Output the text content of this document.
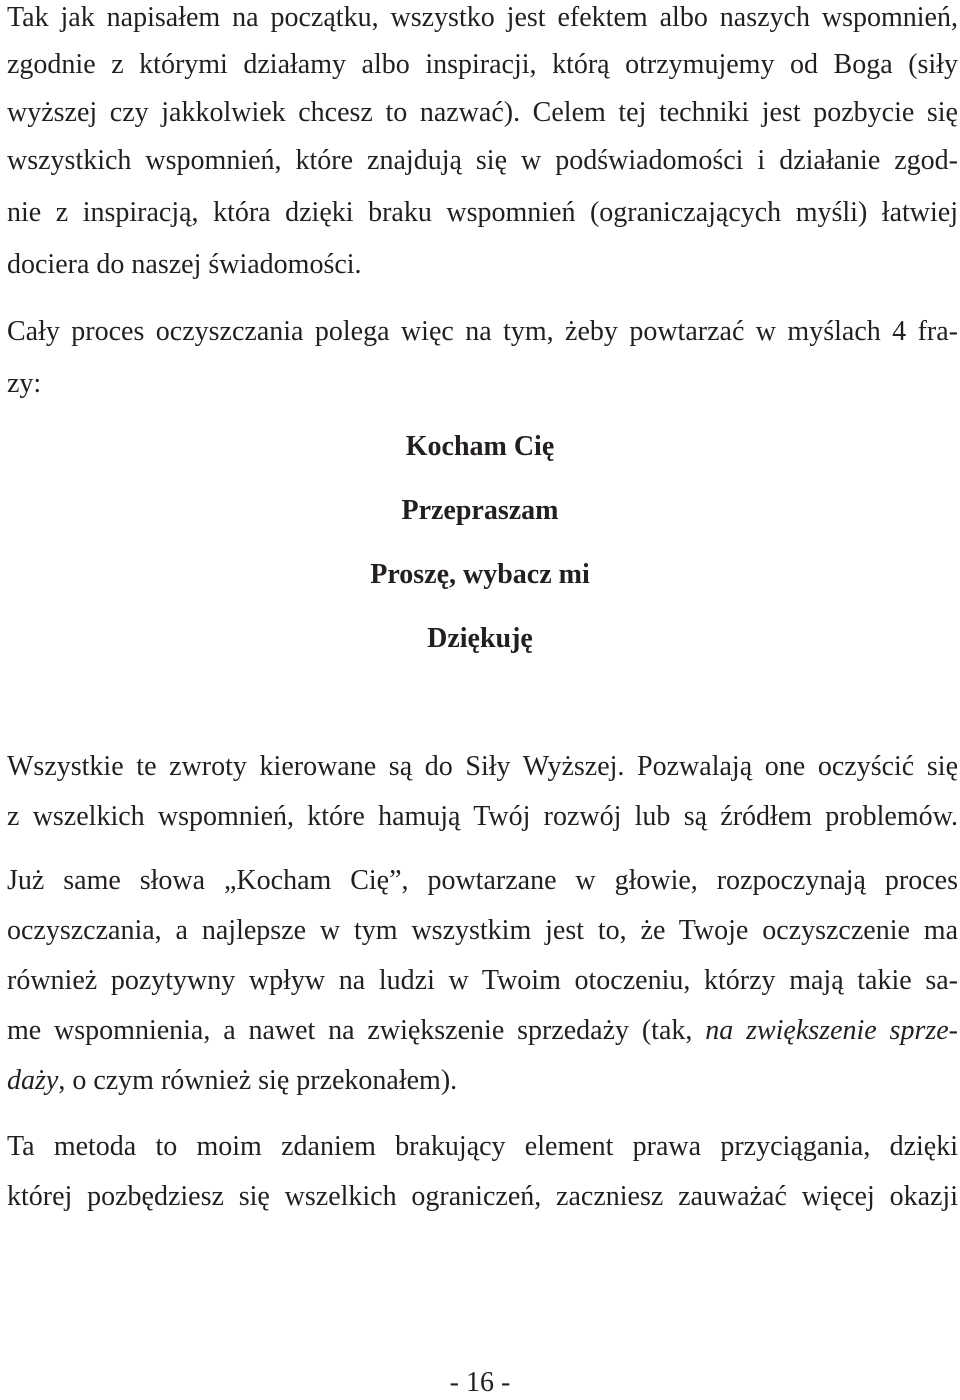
Tak jak napisałem na początku, wszystko jest efektem albo naszych wspomnień,
zgodnie z którymi działamy albo inspiracji, którą otrzymujemy od Boga (siły
wyższej czy jakkolwiek chcesz to nazwać). Celem tej techniki jest pozbycie się
wszystkich wspomnień, które znajdują się w podświadomości i działanie zgod-
nie z inspiracją, która dzięki braku wspomnień (ograniczających myśli) łatwiej
dociera do naszej świadomości.
Cały proces oczyszczania polega więc na tym, żeby powtarzać w myślach 4 fra-
zy:
Kocham Cię
Przepraszam
Proszę, wybacz mi
Dziękuję
Wszystkie te zwroty kierowane są do Siły Wyższej. Pozwalają one oczyścić się
z wszelkich wspomnień, które hamują Twój rozwój lub są źródłem problemów.
Już same słowa „Kocham Cię”, powtarzane w głowie, rozpoczynają proces
oczyszczania, a najlepsze w tym wszystkim jest to, że Twoje oczyszczenie ma
również pozytywny wpływ na ludzi w Twoim otoczeniu, którzy mają takie sa-
me wspomnienia, a nawet na zwiększenie sprzedaży (tak, na zwiększenie sprze-
daży, o czym również się przekonałem).
Ta metoda to moim zdaniem brakujący element prawa przyciągania, dzięki
której pozbędziesz się wszelkich ograniczeń, zaczniesz zauważać więcej okazji
- 16 -
